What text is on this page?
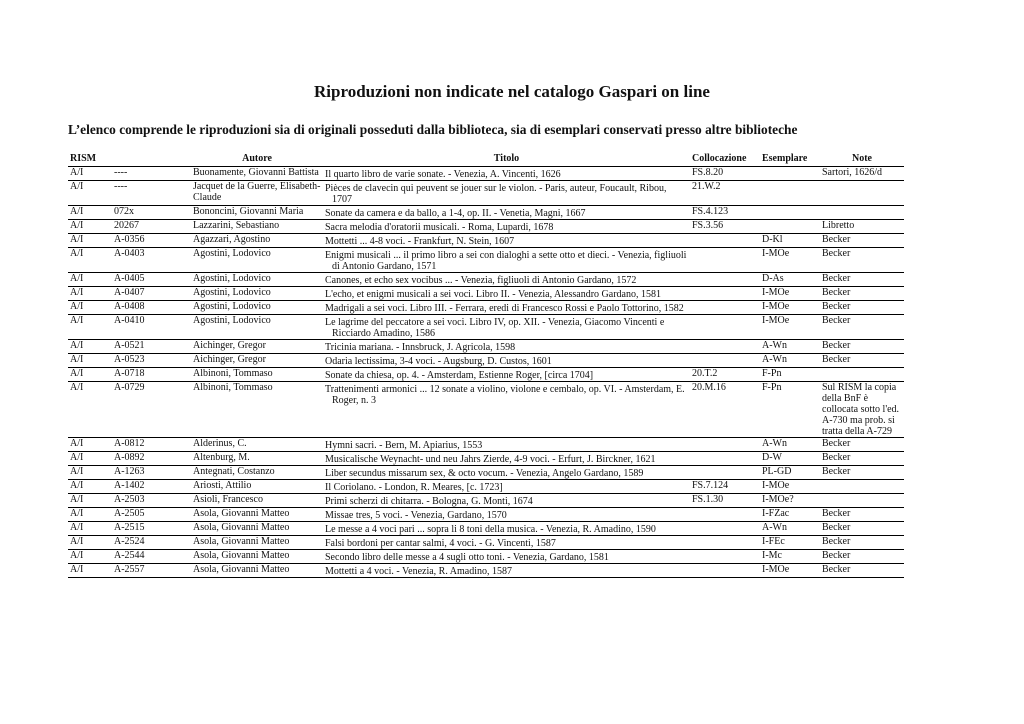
Riproduzioni non indicate nel catalogo Gaspari on line
L’elenco comprende le riproduzioni sia di originali posseduti dalla biblioteca, sia di esemplari conservati presso altre biblioteche
RISM		Autore	Titolo	Collocazione	Esemplare	Note
A/I	----	Buonamente, Giovanni Battista	Il quarto libro de varie sonate. - Venezia, A. Vincenti, 1626	FS.8.20		Sartori, 1626/d
A/I	----	Jacquet de la Guerre, Elisabeth-Claude	Pièces de clavecin qui peuvent se jouer sur le violon. - Paris, auteur, Foucault, Ribou, 1707	21.W.2		
A/I	072x	Bononcini, Giovanni Maria	Sonate da camera e da ballo, a 1-4, op. II. - Venetia, Magni, 1667	FS.4.123		
A/I	20267	Lazzarini, Sebastiano	Sacra melodia d'oratorii musicali. - Roma, Lupardi, 1678	FS.3.56		Libretto
A/I	A-0356	Agazzari, Agostino	Mottetti ... 4-8 voci. - Frankfurt, N. Stein, 1607		D-Kl	Becker
A/I	A-0403	Agostini, Lodovico	Enigmi musicali ... il primo libro a sei con dialoghi a sette otto et dieci. - Venezia, figliuoli di Antonio Gardano, 1571		I-MOe	Becker
A/I	A-0405	Agostini, Lodovico	Canones, et echo sex vocibus ... - Venezia, figliuoli di Antonio Gardano, 1572		D-As	Becker
A/I	A-0407	Agostini, Lodovico	L'echo, et enigmi musicali a sei voci. Libro II. - Venezia, Alessandro Gardano, 1581		I-MOe	Becker
A/I	A-0408	Agostini, Lodovico	Madrigali a sei voci. Libro III. - Ferrara, eredi di Francesco Rossi e Paolo Tottorino, 1582		I-MOe	Becker
A/I	A-0410	Agostini, Lodovico	Le lagrime del peccatore a sei voci. Libro IV, op. XII. - Venezia, Giacomo Vincenti e Ricciardo Amadino, 1586		I-MOe	Becker
A/I	A-0521	Aichinger, Gregor	Tricinia mariana. - Innsbruck, J. Agricola, 1598		A-Wn	Becker
A/I	A-0523	Aichinger, Gregor	Odaria lectissima, 3-4 voci. - Augsburg, D. Custos, 1601		A-Wn	Becker
A/I	A-0718	Albinoni, Tommaso	Sonate da chiesa, op. 4. - Amsterdam, Estienne Roger, [circa 1704]	20.T.2	F-Pn	
A/I	A-0729	Albinoni, Tommaso	Trattenimenti armonici ... 12 sonate a violino, violone e cembalo, op. VI. - Amsterdam, E. Roger, n. 3	20.M.16	F-Pn	Sul RISM la copia della BnF è collocata sotto l'ed. A-730 ma prob. si tratta della A-729
A/I	A-0812	Alderinus, C.	Hymni sacri. - Bern, M. Apiarius, 1553		A-Wn	Becker
A/I	A-0892	Altenburg, M.	Musicalische Weynacht- und neu Jahrs Zierde, 4-9 voci. - Erfurt, J. Birckner, 1621		D-W	Becker
A/I	A-1263	Antegnati, Costanzo	Liber secundus missarum sex, & octo vocum. - Venezia, Angelo Gardano, 1589		PL-GD	Becker
A/I	A-1402	Ariosti, Attilio	Il Coriolano. - London, R. Meares, [c. 1723]	FS.7.124	I-MOe	
A/I	A-2503	Asioli, Francesco	Primi scherzi di chitarra. - Bologna, G. Monti, 1674	FS.1.30	I-MOe?	
A/I	A-2505	Asola, Giovanni Matteo	Missae tres, 5 voci. - Venezia, Gardano, 1570		I-FZac	Becker
A/I	A-2515	Asola, Giovanni Matteo	Le messe a 4 voci pari ... sopra li 8 toni della musica. - Venezia, R. Amadino, 1590		A-Wn	Becker
A/I	A-2524	Asola, Giovanni Matteo	Falsi bordoni per cantar salmi, 4 voci. - G. Vincenti, 1587		I-FEc	Becker
A/I	A-2544	Asola, Giovanni Matteo	Secondo libro delle messe a 4 sugli otto toni. - Venezia, Gardano, 1581		I-Mc	Becker
A/I	A-2557	Asola, Giovanni Matteo	Mottetti a 4 voci. - Venezia, R. Amadino, 1587		I-MOe	Becker
